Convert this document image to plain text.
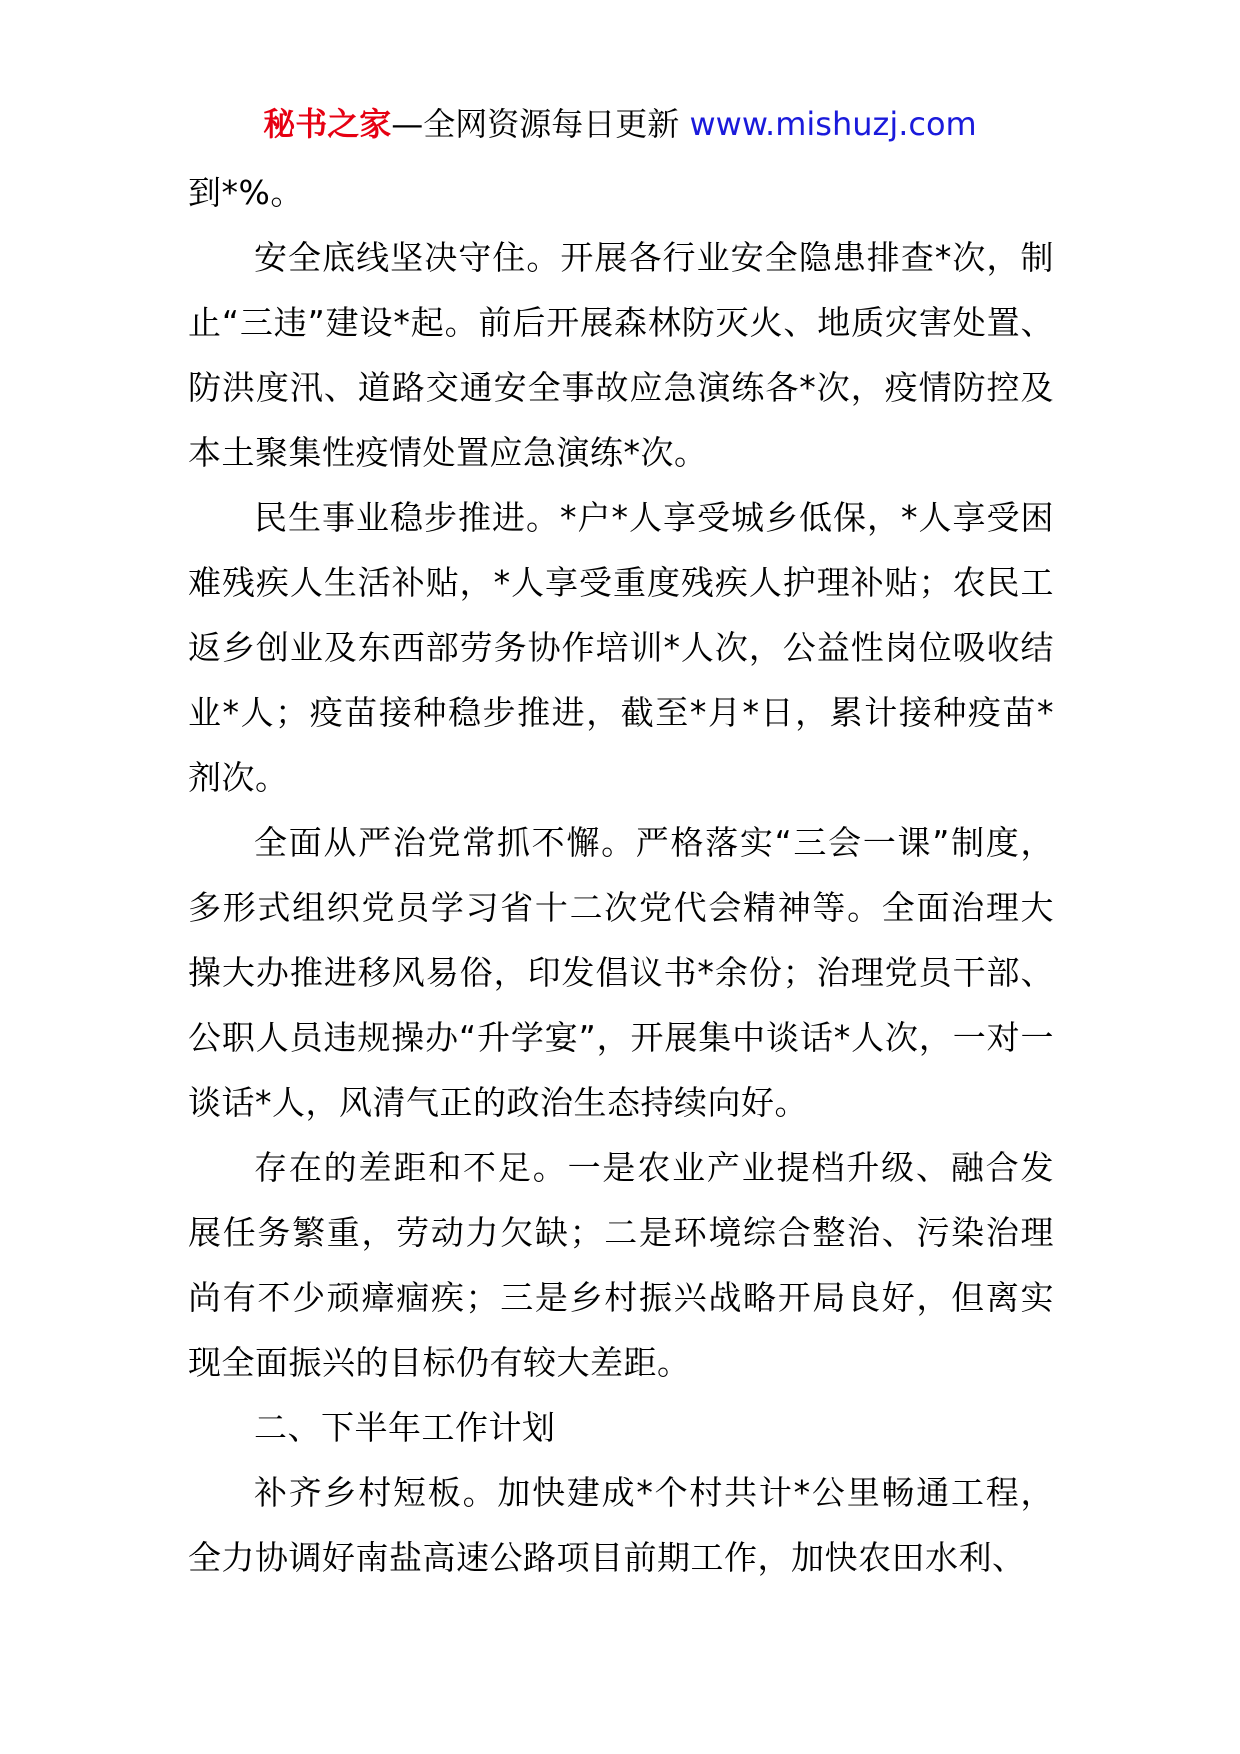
秘书之家—全网资源每日更新 www.mishuzj.com

到*%。

安全底线坚决守住。开展各行业安全隐患排查*次，制止“三违”建设*起。前后开展森林防灭火、地质灾害处置、防洪度汛、道路交通安全事故应急演练各*次，疫情防控及本土聚集性疫情处置应急演练*次。

民生事业稳步推进。*户*人享受城乡低保，*人享受困难残疾人生活补贴，*人享受重度残疾人护理补贴；农民工返乡创业及东西部劳务协作培训*人次，公益性岗位吸收结业*人；疫苗接种稳步推进，截至*月*日，累计接种疫苗*剂次。

全面从严治党常抓不懈。严格落实“三会一课”制度，多形式组织党员学习省十二次党代会精神等。全面治理大操大办推进移风易俗，印发倡议书*余份；治理党员干部、公职人员违规操办“升学宴”，开展集中谈话*人次，一对一谈话*人，风清气正的政治生态持续向好。

存在的差距和不足。一是农业产业提档升级、融合发展任务繁重，劳动力欠缺；二是环境综合整治、污染治理尚有不少顽瘴痼疾；三是乡村振兴战略开局良好，但离实现全面振兴的目标仍有较大差距。

二、下半年工作计划

补齐乡村短板。加快建成*个村共计*公里畅通工程，全力协调好南盐高速公路项目前期工作，加快农田水利、
